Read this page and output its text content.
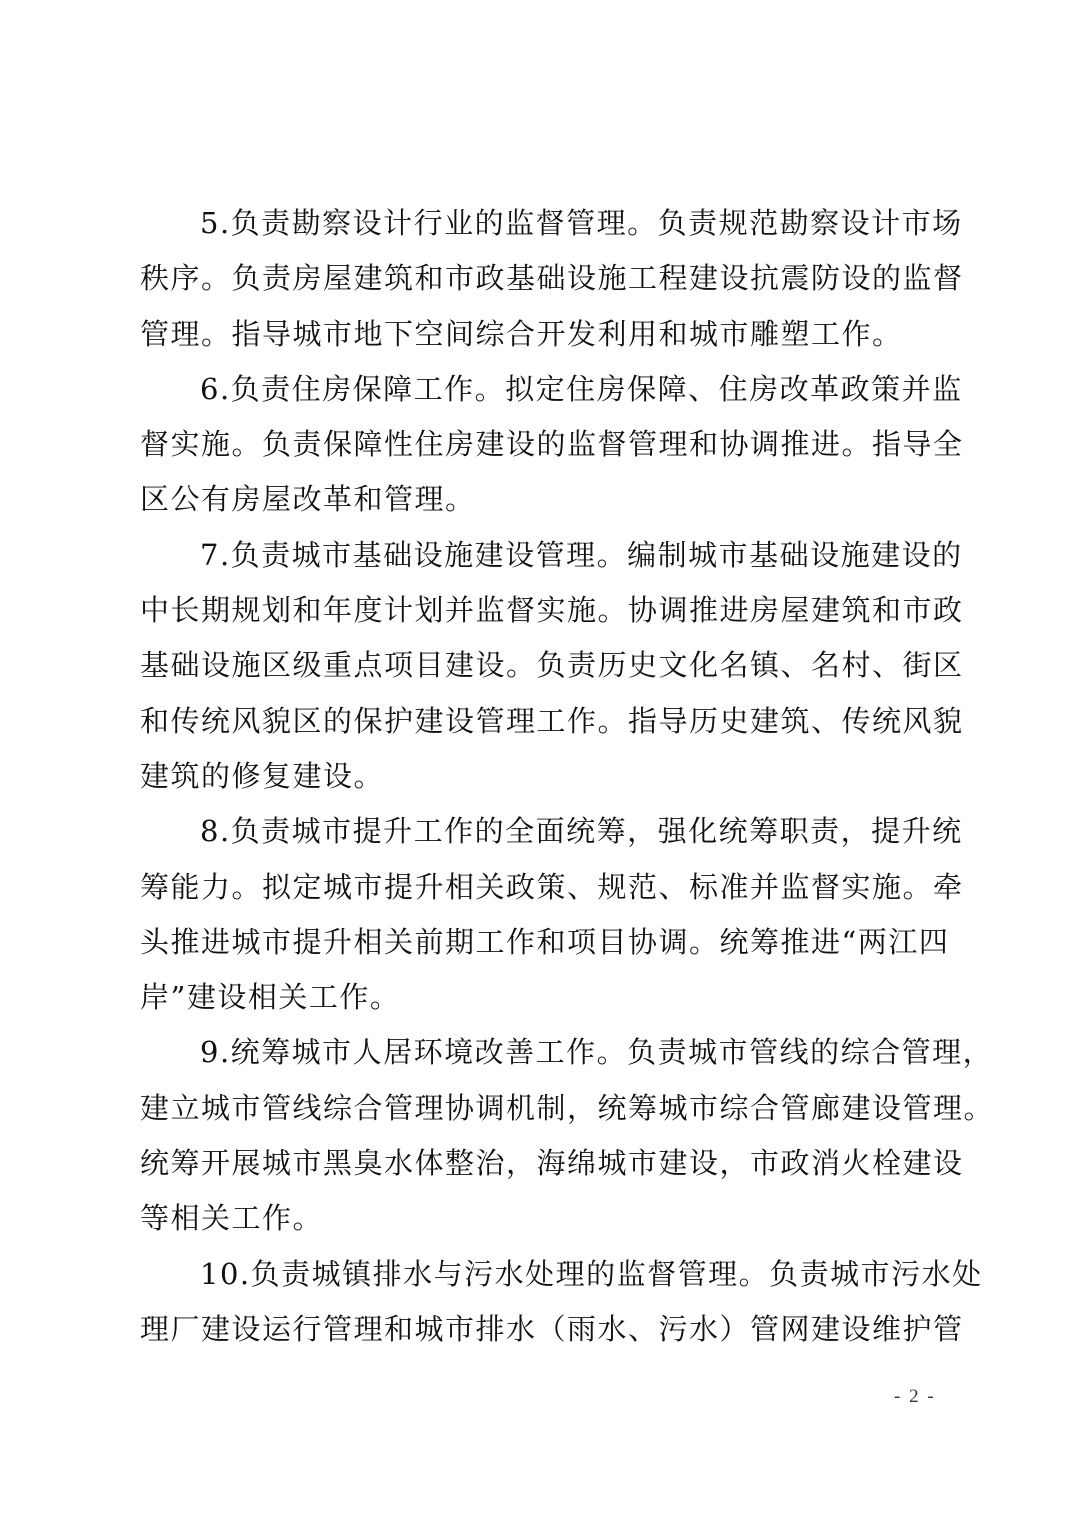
5.负责勘察设计行业的监督管理。负责规范勘察设计市场
秩序。负责房屋建筑和市政基础设施工程建设抗震防设的监督
管理。指导城市地下空间综合开发利用和城市雕塑工作。
6.负责住房保障工作。拟定住房保障、住房改革政策并监
督实施。负责保障性住房建设的监督管理和协调推进。指导全
区公有房屋改革和管理。
7.负责城市基础设施建设管理。编制城市基础设施建设的
中长期规划和年度计划并监督实施。协调推进房屋建筑和市政
基础设施区级重点项目建设。负责历史文化名镇、名村、街区
和传统风貌区的保护建设管理工作。指导历史建筑、传统风貌
建筑的修复建设。
8.负责城市提升工作的全面统筹，强化统筹职责，提升统
筹能力。拟定城市提升相关政策、规范、标准并监督实施。牵
头推进城市提升相关前期工作和项目协调。统筹推进“两江四
岸”建设相关工作。
9.统筹城市人居环境改善工作。负责城市管线的综合管理，
建立城市管线综合管理协调机制，统筹城市综合管廊建设管理。
统筹开展城市黑臭水体整治，海绵城市建设，市政消火栓建设
等相关工作。
10.负责城镇排水与污水处理的监督管理。负责城市污水处
理厂建设运行管理和城市排水（雨水、污水）管网建设维护管
- 2 -
